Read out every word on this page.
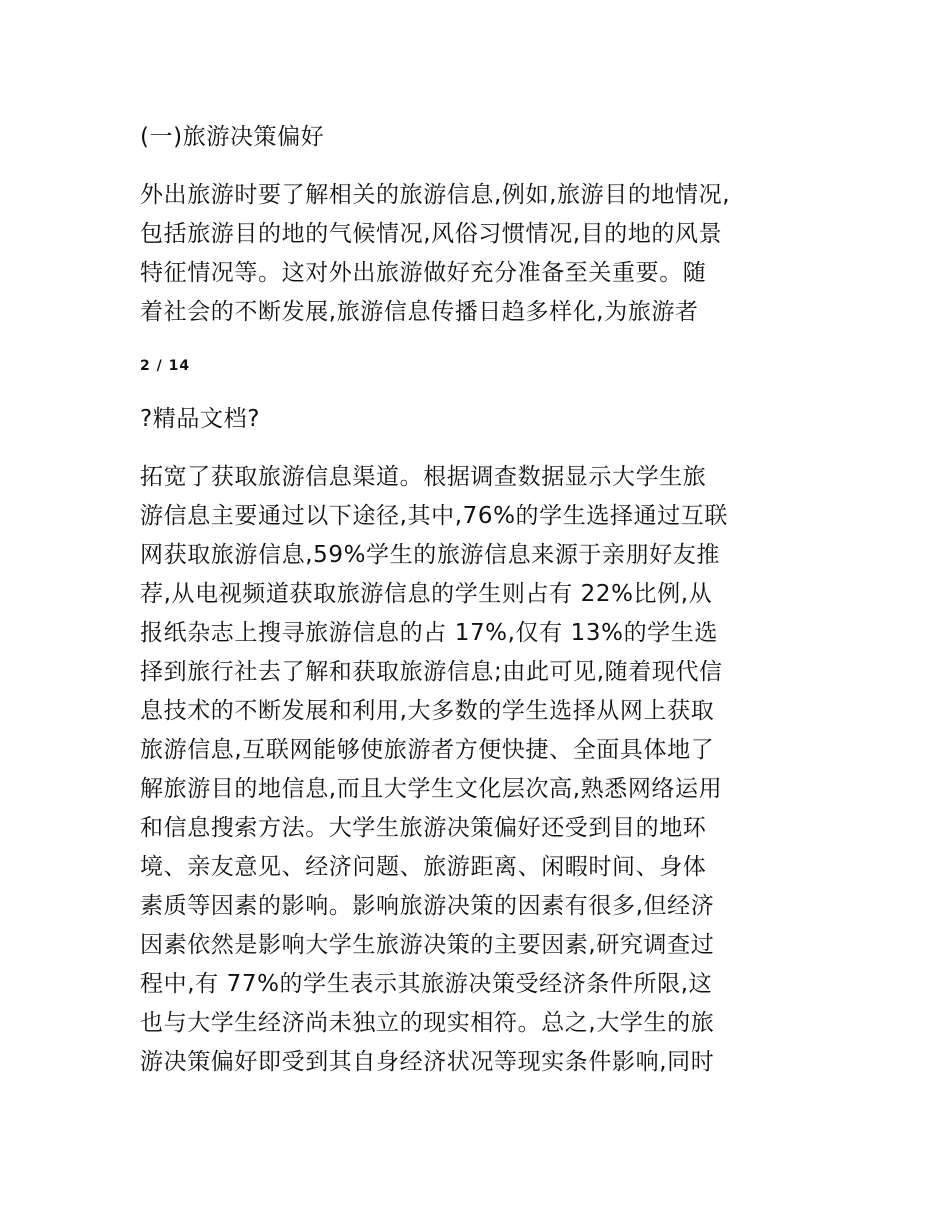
(一)旅游决策偏好
外出旅游时要了解相关的旅游信息,例如,旅游目的地情况,
包括旅游目的地的气候情况,风俗习惯情况,目的地的风景
特征情况等。这对外出旅游做好充分准备至关重要。随
着社会的不断发展,旅游信息传播日趋多样化,为旅游者
2 / 14
?精品文档?
拓宽了获取旅游信息渠道。根据调查数据显示大学生旅
游信息主要通过以下途径,其中,76%的学生选择通过互联
网获取旅游信息,59%学生的旅游信息来源于亲朋好友推
荐,从电视频道获取旅游信息的学生则占有 22%比例,从
报纸杂志上搜寻旅游信息的占 17%,仅有 13%的学生选
择到旅行社去了解和获取旅游信息;由此可见,随着现代信
息技术的不断发展和利用,大多数的学生选择从网上获取
旅游信息,互联网能够使旅游者方便快捷、全面具体地了
解旅游目的地信息,而且大学生文化层次高,熟悉网络运用
和信息搜索方法。大学生旅游决策偏好还受到目的地环
境、亲友意见、经济问题、旅游距离、闲暇时间、身体
素质等因素的影响。影响旅游决策的因素有很多,但经济
因素依然是影响大学生旅游决策的主要因素,研究调查过
程中,有 77%的学生表示其旅游决策受经济条件所限,这
也与大学生经济尚未独立的现实相符。总之,大学生的旅
游决策偏好即受到其自身经济状况等现实条件影响,同时
